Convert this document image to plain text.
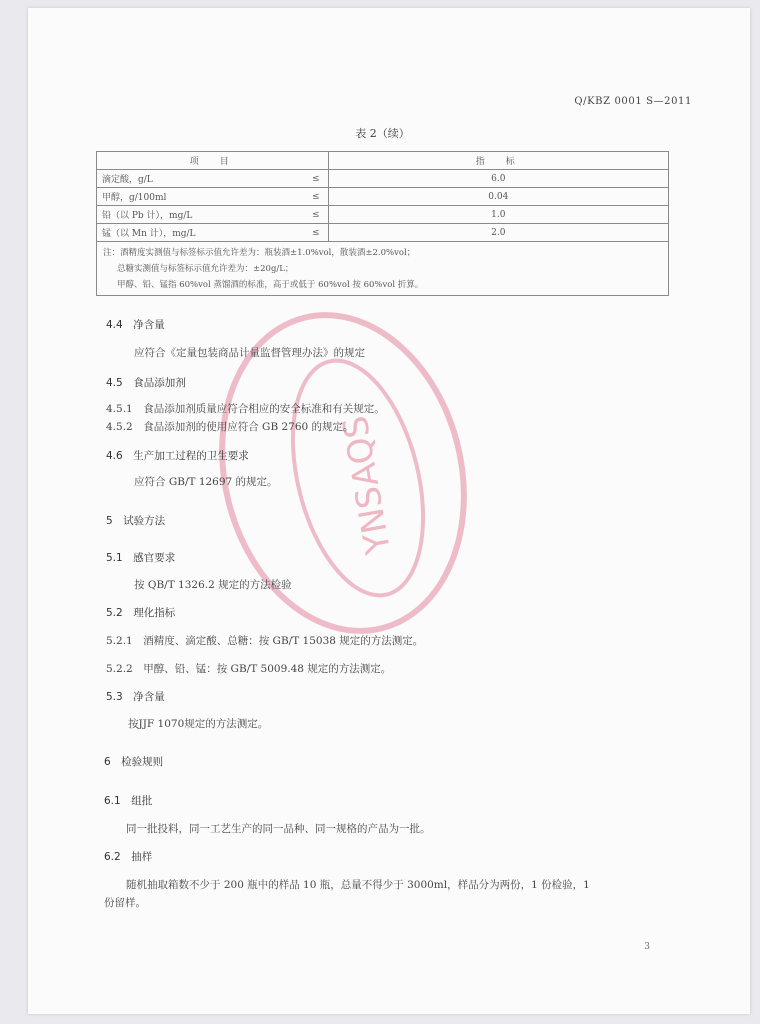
Q/KBZ 0001 S—2011
表 2（续）
项　目		指　标
滴定酸，g/L	≤	6.0
甲醇，g/100ml	≤	0.04
铅（以 Pb 计），mg/L	≤	1.0
锰（以 Mn 计），mg/L	≤	2.0

注：酒精度实测值与标签标示值允许差为：瓶装酒±1.0%vol，散装酒±2.0%vol；
总糖实测值与标签标示值允许差为：±20g/L；
甲醇、铅、锰指 60%vol 蒸馏酒的标准，高于或低于 60%vol 按 60%vol 折算。		
YNSAQS
4.4　净含量
应符合《定量包装商品计量监督管理办法》的规定
4.5　食品添加剂
4.5.1　食品添加剂质量应符合相应的安全标准和有关规定。
4.5.2　食品添加剂的使用应符合 GB 2760 的规定。
4.6　生产加工过程的卫生要求
应符合 GB/T 12697 的规定。
5　试验方法
5.1　感官要求
按 QB/T 1326.2 规定的方法检验
5.2　理化指标
5.2.1　酒精度、滴定酸、总糖：按 GB/T 15038 规定的方法测定。
5.2.2　甲醇、铅、锰：按 GB/T 5009.48 规定的方法测定。
5.3　净含量
按JJF 1070规定的方法测定。
6　检验规则
6.1　组批
同一批投料，同一工艺生产的同一品种、同一规格的产品为一批。
6.2　抽样
随机抽取箱数不少于 200 瓶中的样品 10 瓶，总量不得少于 3000ml，样品分为两份，1 份检验，1
份留样。
3
